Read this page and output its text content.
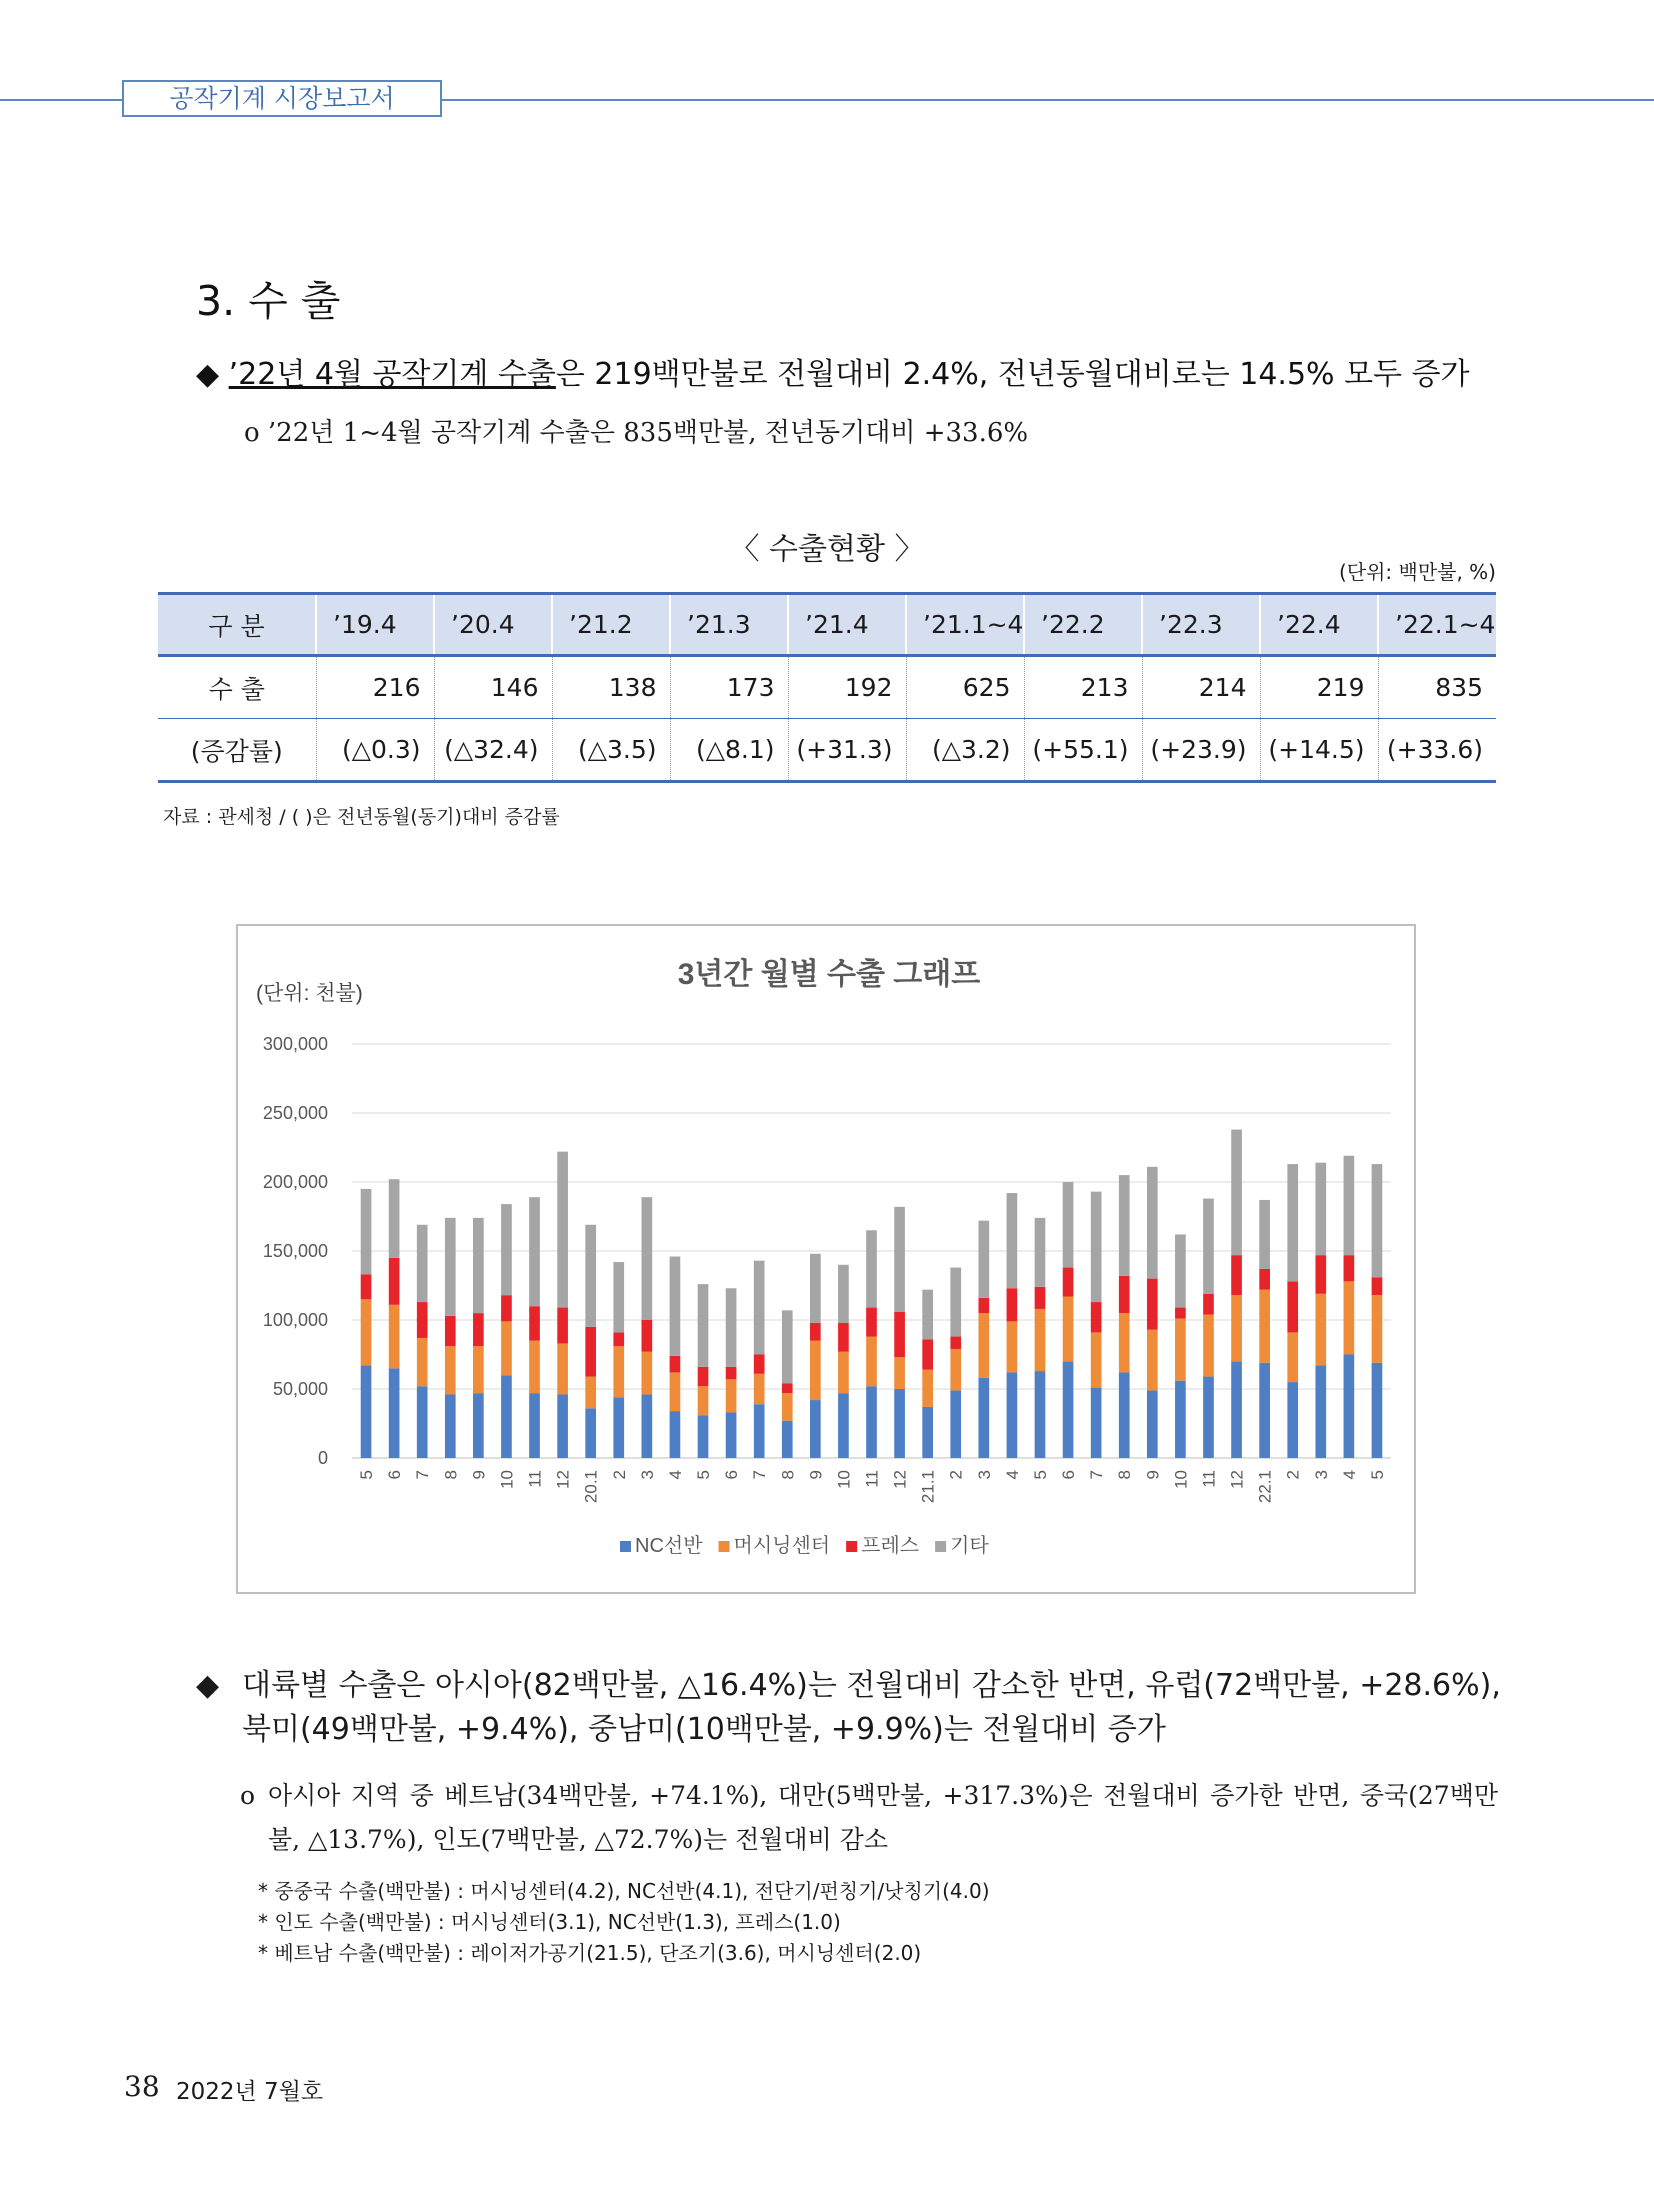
공작기계 시장보고서
3. 수 출
◆ ’22년 4월 공작기계 수출은 219백만불로 전월대비 2.4%, 전년동월대비로는 14.5% 모두 증가
o ’22년 1~4월 공작기계 수출은 835백만불, 전년동기대비 +33.6%
〈 수출현황 〉
(단위: 백만불, %)
구 분	’19.4	’20.4	’21.2	’21.3	’21.4	’21.1~4	’22.2	’22.3	’22.4	’22.1~4
수 출	216	146	138	173	192	625	213	214	219	835
(증감률)	(△0.3)	(△32.4)	(△3.5)	(△8.1)	(+31.3)	(△3.2)	(+55.1)	(+23.9)	(+14.5)	(+33.6)
자료 : 관세청 / ( )은 전년동월(동기)대비 증감률
3년간 월별 수출 그래프
(단위: 천불)
0
50,000
100,000
150,000
200,000
250,000
300,000
5 6 7 8 9 10 11 12 20.1 2 3 4 5 6 7 8 9 10 11 12 21.1 2 3 4 5 6 7 8 9 10 11 12 22.1 2 3 4 5
NC선반 머시닝센터 프레스 기타
◆ 대륙별 수출은 아시아(82백만불, △16.4%)는 전월대비 감소한 반면, 유럽(72백만불, +28.6%), 북미(49백만불, +9.4%), 중남미(10백만불, +9.9%)는 전월대비 증가
o 아시아 지역 중 베트남(34백만불, +74.1%), 대만(5백만불, +317.3%)은 전월대비 증가한 반면, 중국(27백만불, △13.7%), 인도(7백만불, △72.7%)는 전월대비 감소
* 중중국 수출(백만불) : 머시닝센터(4.2), NC선반(4.1), 전단기/펀칭기/낫칭기(4.0)
* 인도 수출(백만불) : 머시닝센터(3.1), NC선반(1.3), 프레스(1.0)
* 베트남 수출(백만불) : 레이저가공기(21.5), 단조기(3.6), 머시닝센터(2.0)
38 2022년 7월호
